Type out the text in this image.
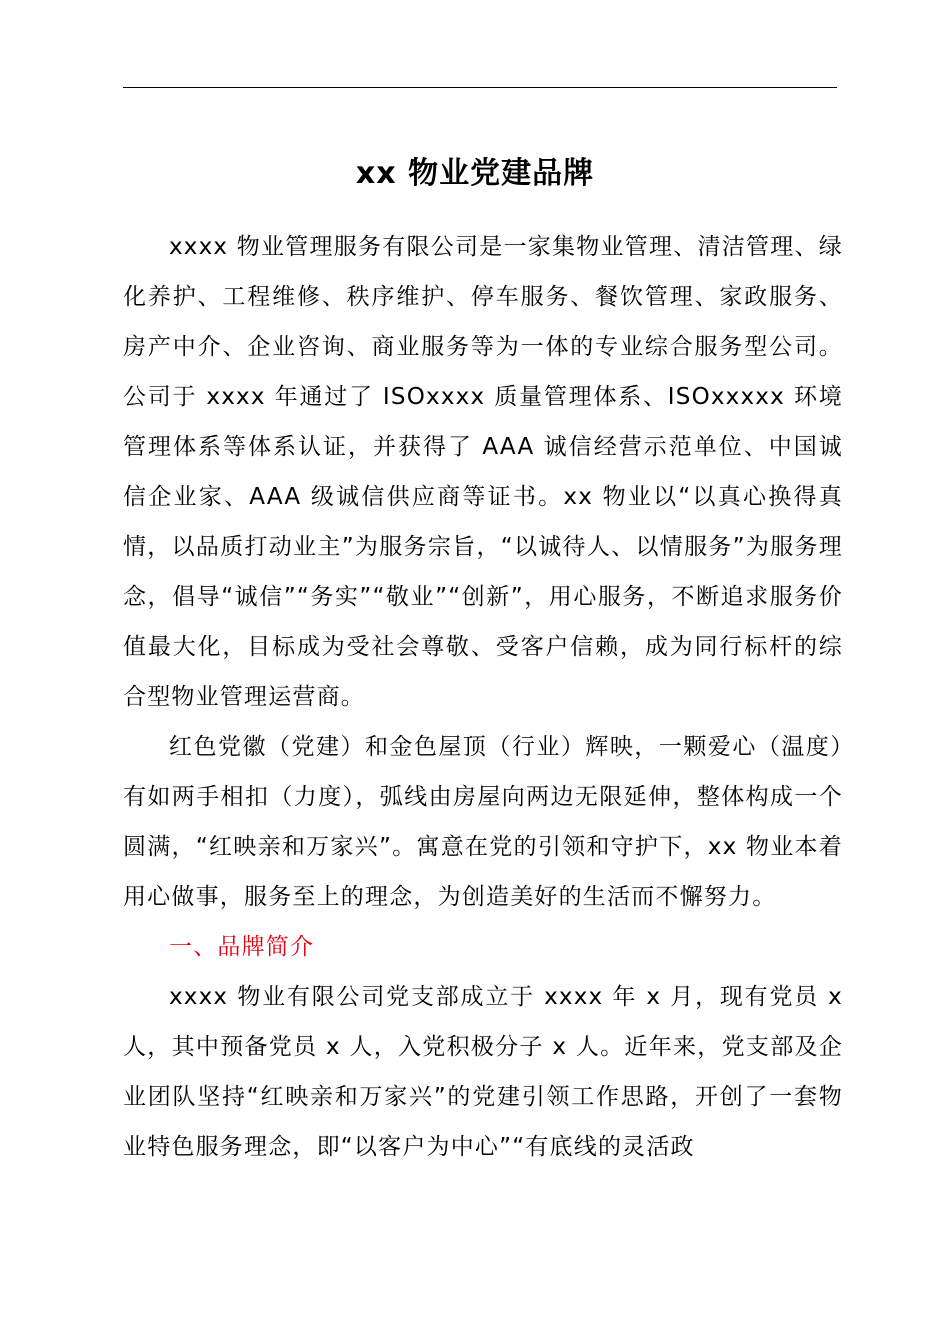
xx 物业党建品牌

xxxx 物业管理服务有限公司是一家集物业管理、清洁管理、绿化养护、工程维修、秩序维护、停车服务、餐饮管理、家政服务、房产中介、企业咨询、商业服务等为一体的专业综合服务型公司。公司于 xxxx 年通过了 ISOxxxx 质量管理体系、ISOxxxxx 环境管理体系等体系认证，并获得了 AAA 诚信经营示范单位、中国诚信企业家、AAA 级诚信供应商等证书。xx 物业以“以真心换得真情，以品质打动业主”为服务宗旨，“以诚待人、以情服务”为服务理念，倡导“诚信”“务实”“敬业”“创新”，用心服务，不断追求服务价值最大化，目标成为受社会尊敬、受客户信赖，成为同行标杆的综合型物业管理运营商。

红色党徽（党建）和金色屋顶（行业）辉映，一颗爱心（温度）有如两手相扣（力度），弧线由房屋向两边无限延伸，整体构成一个圆满，“红映亲和万家兴”。寓意在党的引领和守护下，xx 物业本着用心做事，服务至上的理念，为创造美好的生活而不懈努力。

一、品牌简介

xxxx 物业有限公司党支部成立于 xxxx 年 x 月，现有党员 x 人，其中预备党员 x 人，入党积极分子 x 人。近年来，党支部及企业团队坚持“红映亲和万家兴”的党建引领工作思路，开创了一套物业特色服务理念，即“以客户为中心”“有底线的灵活政
